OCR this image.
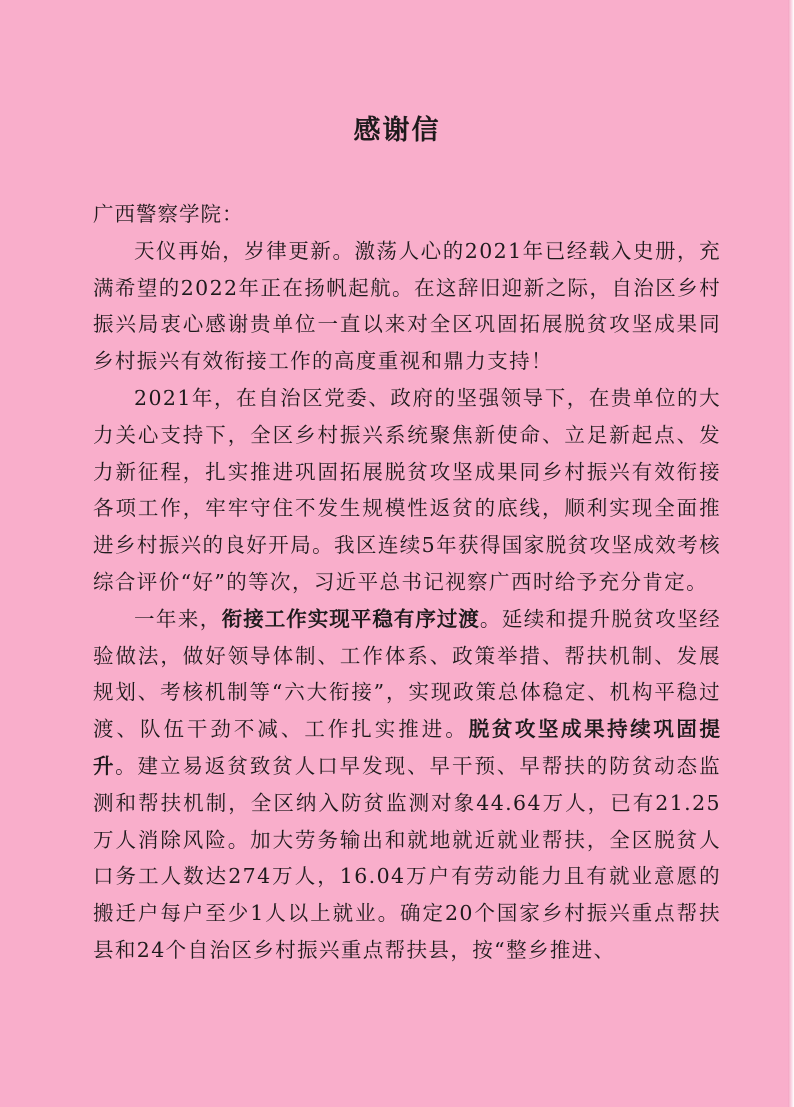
感谢信

广西警察学院：

天仪再始，岁律更新。激荡人心的2021年已经载入史册，充满希望的2022年正在扬帆起航。在这辞旧迎新之际，自治区乡村振兴局衷心感谢贵单位一直以来对全区巩固拓展脱贫攻坚成果同乡村振兴有效衔接工作的高度重视和鼎力支持！

2021年，在自治区党委、政府的坚强领导下，在贵单位的大力关心支持下，全区乡村振兴系统聚焦新使命、立足新起点、发力新征程，扎实推进巩固拓展脱贫攻坚成果同乡村振兴有效衔接各项工作，牢牢守住不发生规模性返贫的底线，顺利实现全面推进乡村振兴的良好开局。我区连续5年获得国家脱贫攻坚成效考核综合评价“好”的等次，习近平总书记视察广西时给予充分肯定。

一年来，衔接工作实现平稳有序过渡。延续和提升脱贫攻坚经验做法，做好领导体制、工作体系、政策举措、帮扶机制、发展规划、考核机制等“六大衔接”，实现政策总体稳定、机构平稳过渡、队伍干劲不减、工作扎实推进。脱贫攻坚成果持续巩固提升。建立易返贫致贫人口早发现、早干预、早帮扶的防贫动态监测和帮扶机制，全区纳入防贫监测对象44.64万人，已有21.25万人消除风险。加大劳务输出和就地就近就业帮扶，全区脱贫人口务工人数达274万人，16.04万户有劳动能力且有就业意愿的搬迁户每户至少1人以上就业。确定20个国家乡村振兴重点帮扶县和24个自治区乡村振兴重点帮扶县，按“整乡推进、
